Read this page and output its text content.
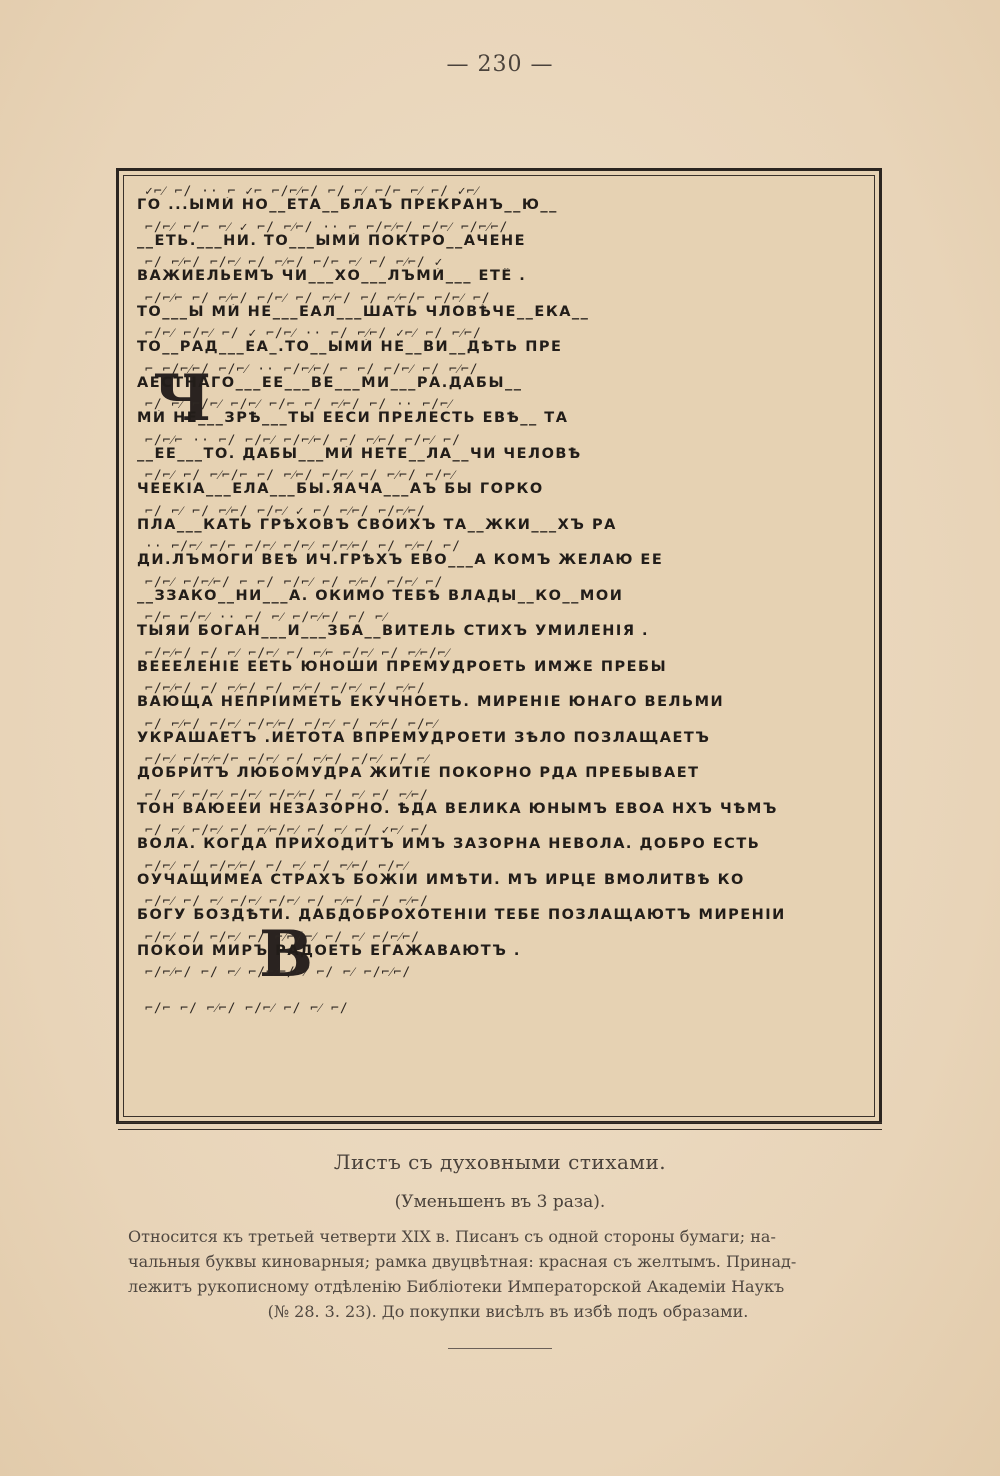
— 230 —
Ч
В
✓⌐⁄ ⌐∕ ·· ⌐ ✓⌐ ⌐∕⌐⁄⌐∕ ⌐∕ ⌐⁄ ⌐∕⌐ ⌐⁄ ⌐∕ ✓⌐⁄
ГО ...ЫМИ́ НО__ЕТА__БЛАЪ ПРЕКРАНЪ__Ю__
⌐∕⌐⁄ ⌐∕⌐ ⌐⁄ ✓ ⌐∕ ⌐⁄⌐∕ ·· ⌐ ⌐∕⌐⁄⌐∕ ⌐∕⌐⁄ ⌐∕⌐⁄⌐∕
__ЕТЬ.___НИ. ТО___ЫМИ́ ПОКТРО__АЧЕНЕ
⌐∕ ⌐⁄⌐∕ ⌐∕⌐⁄ ⌐∕ ⌐⁄⌐∕ ⌐∕⌐ ⌐⁄ ⌐∕ ⌐⁄⌐∕ ✓
ВАЖИЕЛЬЕМЪ ЧИ___ХО___ЛЪМИ́___ ЕТЁ .
⌐∕⌐⁄⌐ ⌐∕ ⌐⁄⌐∕ ⌐∕⌐⁄ ⌐∕ ⌐⁄⌐∕ ⌐∕ ⌐⁄⌐∕⌐ ⌐∕⌐⁄ ⌐∕
ТО___Ы МИ́ НЕ___ЕАЛ___ШАТЬ ЧЛОВѢ́ЧЕ__ЕКА__
⌐∕⌐⁄ ⌐∕⌐⁄ ⌐∕ ✓ ⌐∕⌐⁄ ·· ⌐∕ ⌐⁄⌐∕ ✓⌐⁄ ⌐∕ ⌐⁄⌐∕
ТО__РАД___ЕА_.ТО__ЫМИ́ НЕ__ВИ__ДѢТЬ ПРЕ
⌐ ⌐∕⌐⁄⌐∕ ⌐∕⌐⁄ ·· ⌐∕⌐⁄⌐∕ ⌐ ⌐∕ ⌐∕⌐⁄ ⌐∕ ⌐⁄⌐∕
АЕСТНАГО___ЕЕ___ВЕ___МИ___РА.ДАБЫ__
⌐∕ ⌐⁄ ⌐∕⌐⁄ ⌐∕⌐⁄ ⌐∕⌐ ⌐∕ ⌐⁄⌐∕ ⌐∕ ·· ⌐∕⌐⁄
МИ́ НЕ___ЗРѢ___ТЫ ЕЕСИ ПРЕЛЕСТЬ ЕВѢ__ ТА
⌐∕⌐⁄⌐ ·· ⌐∕ ⌐∕⌐⁄ ⌐∕⌐⁄⌐∕ ⌐∕ ⌐⁄⌐∕ ⌐∕⌐⁄ ⌐∕
__ЕЕ___ТО. ДАБЫ___МИ́ НЕТЕ__ЛА__ЧИ ЧЕЛОВѢ
⌐∕⌐⁄ ⌐∕ ⌐⁄⌐∕⌐ ⌐∕ ⌐⁄⌐∕ ⌐∕⌐⁄ ⌐∕ ⌐⁄⌐∕ ⌐∕⌐⁄
ЧЕЕКІА___ЕЛА___БЫ.ЯАЧА___АЪ БЫ ГОРКО
⌐∕ ⌐⁄ ⌐∕ ⌐⁄⌐∕ ⌐∕⌐⁄ ✓ ⌐∕ ⌐⁄⌐∕ ⌐∕⌐⁄⌐∕
ПЛА___КАТЬ ГРѢХОВЪ СВОИХЪ ТА__ЖКИ___ХЪ РА
·· ⌐∕⌐⁄ ⌐∕⌐ ⌐∕⌐⁄ ⌐∕⌐⁄ ⌐∕⌐⁄⌐∕ ⌐∕ ⌐⁄⌐∕ ⌐∕
ДИ.ЛЪМОГИ ВЕѢ ИЧ.ГРѢХЪ ЕВО___А КОМЪ ЖЕЛАЮ ЕЕ
⌐∕⌐⁄ ⌐∕⌐⁄⌐∕ ⌐ ⌐∕ ⌐∕⌐⁄ ⌐∕ ⌐⁄⌐∕ ⌐∕⌐⁄ ⌐∕
__ЗЗАКО__НИ___А. ОКИМО ТЕБѢ ВЛАДЫ__КО__МОИ
⌐∕⌐ ⌐∕⌐⁄ ·· ⌐∕ ⌐⁄ ⌐∕⌐⁄⌐∕ ⌐∕ ⌐⁄
ТЫЯИ БОГАН___И___ЗБА__ВИТЕЛЬ СТИХЪ УМИЛЕНІЯ .
⌐∕⌐⁄⌐∕ ⌐∕ ⌐⁄ ⌐∕⌐⁄ ⌐∕ ⌐⁄⌐ ⌐∕⌐⁄ ⌐∕ ⌐⁄⌐∕⌐⁄
ВЕЕЕЛЕНІЕ ЕЕТЬ ЮНОШИ ПРЕМУДРОЕТЬ ИМЖЕ ПРЕБЫ
⌐∕⌐⁄⌐∕ ⌐∕ ⌐⁄⌐∕ ⌐∕ ⌐⁄⌐∕ ⌐∕⌐⁄ ⌐∕ ⌐⁄⌐∕
ВАЮЩА НЕПРІИМЕТЬ ЕКУЧНОЕТЬ. МИРЕНІЕ ЮНАГО ВЕЛЬМИ
⌐∕ ⌐⁄⌐∕ ⌐∕⌐⁄ ⌐∕⌐⁄⌐∕ ⌐∕⌐⁄ ⌐∕ ⌐⁄⌐∕ ⌐∕⌐⁄
УКРАШАЕТЪ .ИЕТОТА ВПРЕМУДРОЕТИ ЗѢЛО ПОЗЛАЩАЕТЪ
⌐∕⌐⁄ ⌐∕⌐⁄⌐∕⌐ ⌐∕⌐⁄ ⌐∕ ⌐⁄⌐∕ ⌐∕⌐⁄ ⌐∕ ⌐⁄
ДОБРИТЪ ЛЮБОМУДРА ЖИТІЕ ПОКОРНО РДА ПРЕБЫВАЕТ
⌐∕ ⌐⁄ ⌐∕⌐⁄ ⌐∕⌐⁄ ⌐∕⌐⁄⌐∕ ⌐∕ ⌐⁄ ⌐∕ ⌐⁄⌐∕
ТОН ВАЮЕЕИ НЕЗАЗОРНО. ѢДА ВЕЛИКА ЮНЫМЪ ЕВОА НХЪ ЧѢМЪ
⌐∕ ⌐⁄ ⌐∕⌐⁄ ⌐∕ ⌐⁄⌐∕⌐⁄ ⌐∕ ⌐⁄ ⌐∕ ✓⌐⁄ ⌐∕
ВОЛА. КОГДА ПРИХОДИТЪ ИМЪ ЗАЗОРНА НЕВОЛА. ДОБРО ЕСТЬ
⌐∕⌐⁄ ⌐∕ ⌐∕⌐⁄⌐∕ ⌐∕ ⌐⁄ ⌐∕ ⌐⁄⌐∕ ⌐∕⌐⁄
ОУЧАЩИМЕА СТРАХЪ БОЖІИ ИМѢТИ. МЪ ИРЦЕ ВМОЛИТВѢ КО
⌐∕⌐⁄ ⌐∕ ⌐⁄ ⌐∕⌐⁄ ⌐∕⌐⁄ ⌐∕ ⌐⁄⌐∕ ⌐∕ ⌐⁄⌐∕
БОГУ БОЗДѢТИ. ДАБДОБРОХОТЕНІИ ТЕБЕ ПОЗЛАЩАЮТЪ МИРЕНІИ
⌐∕⌐⁄ ⌐∕ ⌐∕⌐⁄ ⌐∕ ⌐⁄⌐∕⌐⁄ ⌐∕ ⌐⁄ ⌐∕⌐⁄⌐∕
ПОКОИ МИРЪ РАДОЕТЬ ЕГАЖАВАЮТЪ .
⌐∕⌐⁄⌐∕ ⌐∕ ⌐⁄ ⌐∕⌐⁄⌐∕⌐⁄ ⌐∕ ⌐⁄ ⌐∕⌐⁄⌐∕
⌐∕⌐ ⌐∕ ⌐⁄⌐∕ ⌐∕⌐⁄ ⌐∕ ⌐⁄ ⌐∕
Листъ съ духовными стихами.
(Уменьшенъ въ 3 раза).
Относится къ третьей четверти XIX в. Писанъ съ одной стороны бумаги; на-
чальныя буквы киноварныя; рамка двуцвѣтная: красная съ желтымъ. Принад-
лежитъ рукописному отдѣленію Библіотеки Императорской Академіи Наукъ
(№ 28. 3. 23). До покупки висѣлъ въ избѣ подъ образами.
